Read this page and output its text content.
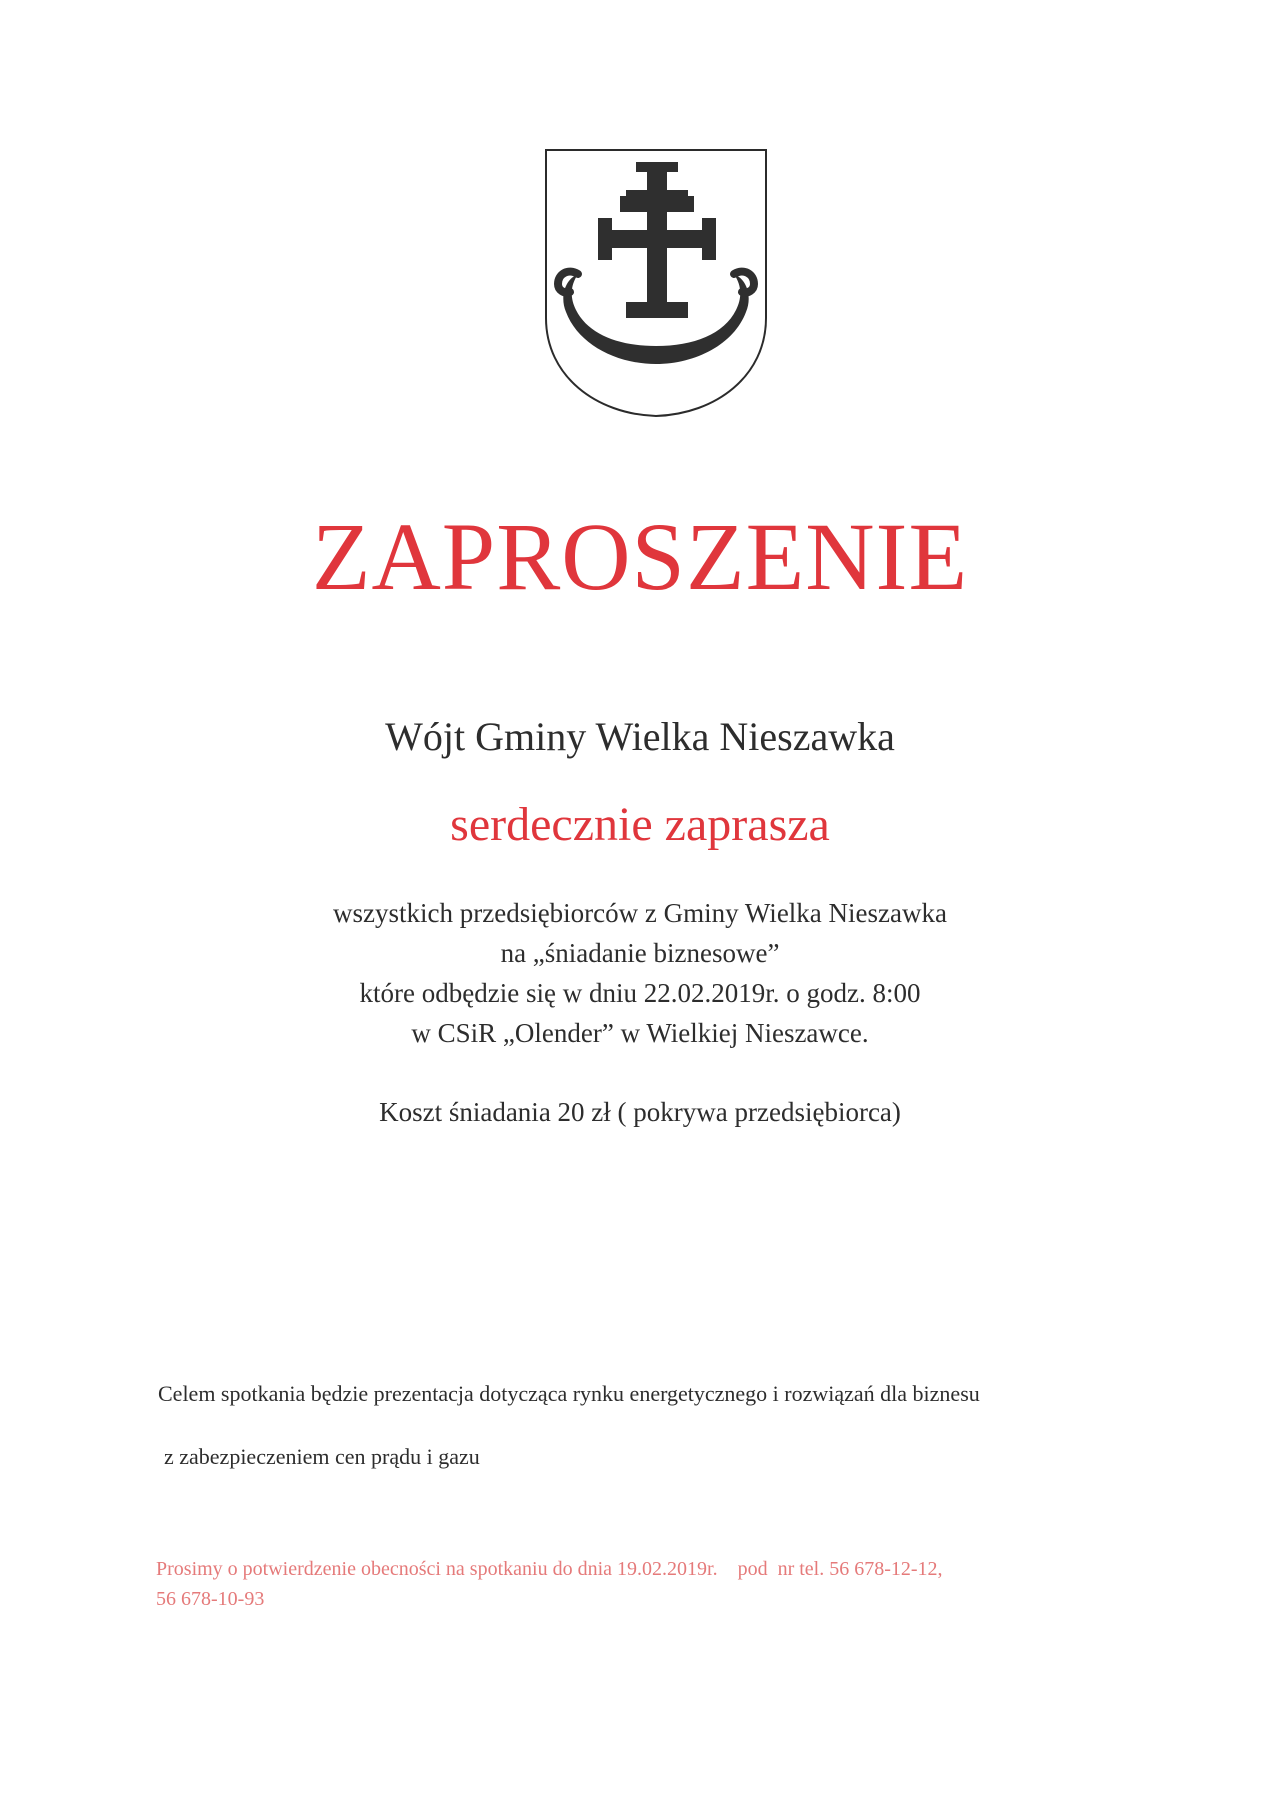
ZAPROSZENIE
Wójt Gminy Wielka Nieszawka
serdecznie zaprasza
wszystkich przedsiębiorców z Gminy Wielka Nieszawka
na „śniadanie biznesowe”
które odbędzie się w dniu 22.02.2019r. o godz. 8:00
w CSiR „Olender” w Wielkiej Nieszawce.
Koszt śniadania 20 zł ( pokrywa przedsiębiorca)
Celem spotkania będzie prezentacja dotycząca rynku energetycznego i rozwiązań dla biznesu
z zabezpieczeniem cen prądu i gazu
Prosimy o potwierdzenie obecności na spotkaniu do dnia 19.02.2019r.    pod  nr tel. 56 678-12-12,
56 678-10-93
